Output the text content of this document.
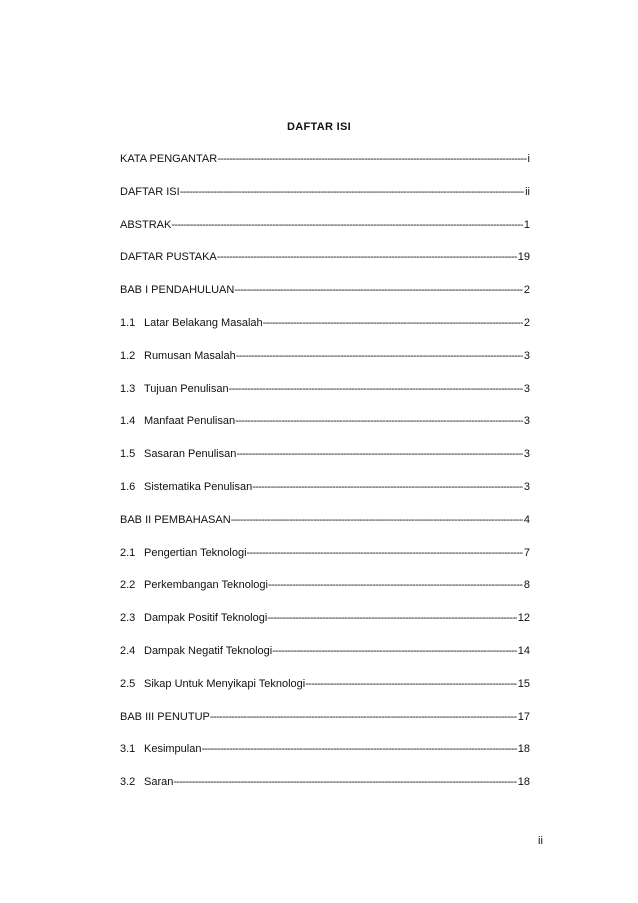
DAFTAR ISI
KATA PENGANTAR -----	i
DAFTAR ISI -----	ii
ABSTRAK -----	1
DAFTAR PUSTAKA -----	19
BAB I PENDAHULUAN -----	2
1.1 Latar Belakang Masalah -----	2
1.2 Rumusan Masalah -----	3
1.3 Tujuan Penulisan -----	3
1.4 Manfaat Penulisan -----	3
1.5 Sasaran Penulisan -----	3
1.6 Sistematika Penulisan -----	3
BAB II PEMBAHASAN -----	4
2.1 Pengertian Teknologi -----	7
2.2 Perkembangan Teknologi -----	8
2.3 Dampak Positif Teknologi -----	12
2.4 Dampak Negatif Teknologi -----	14
2.5 Sikap Untuk Menyikapi Teknologi -----	15
BAB III PENUTUP -----	17
3.1 Kesimpulan -----	18
3.2 Saran -----	18
ii
